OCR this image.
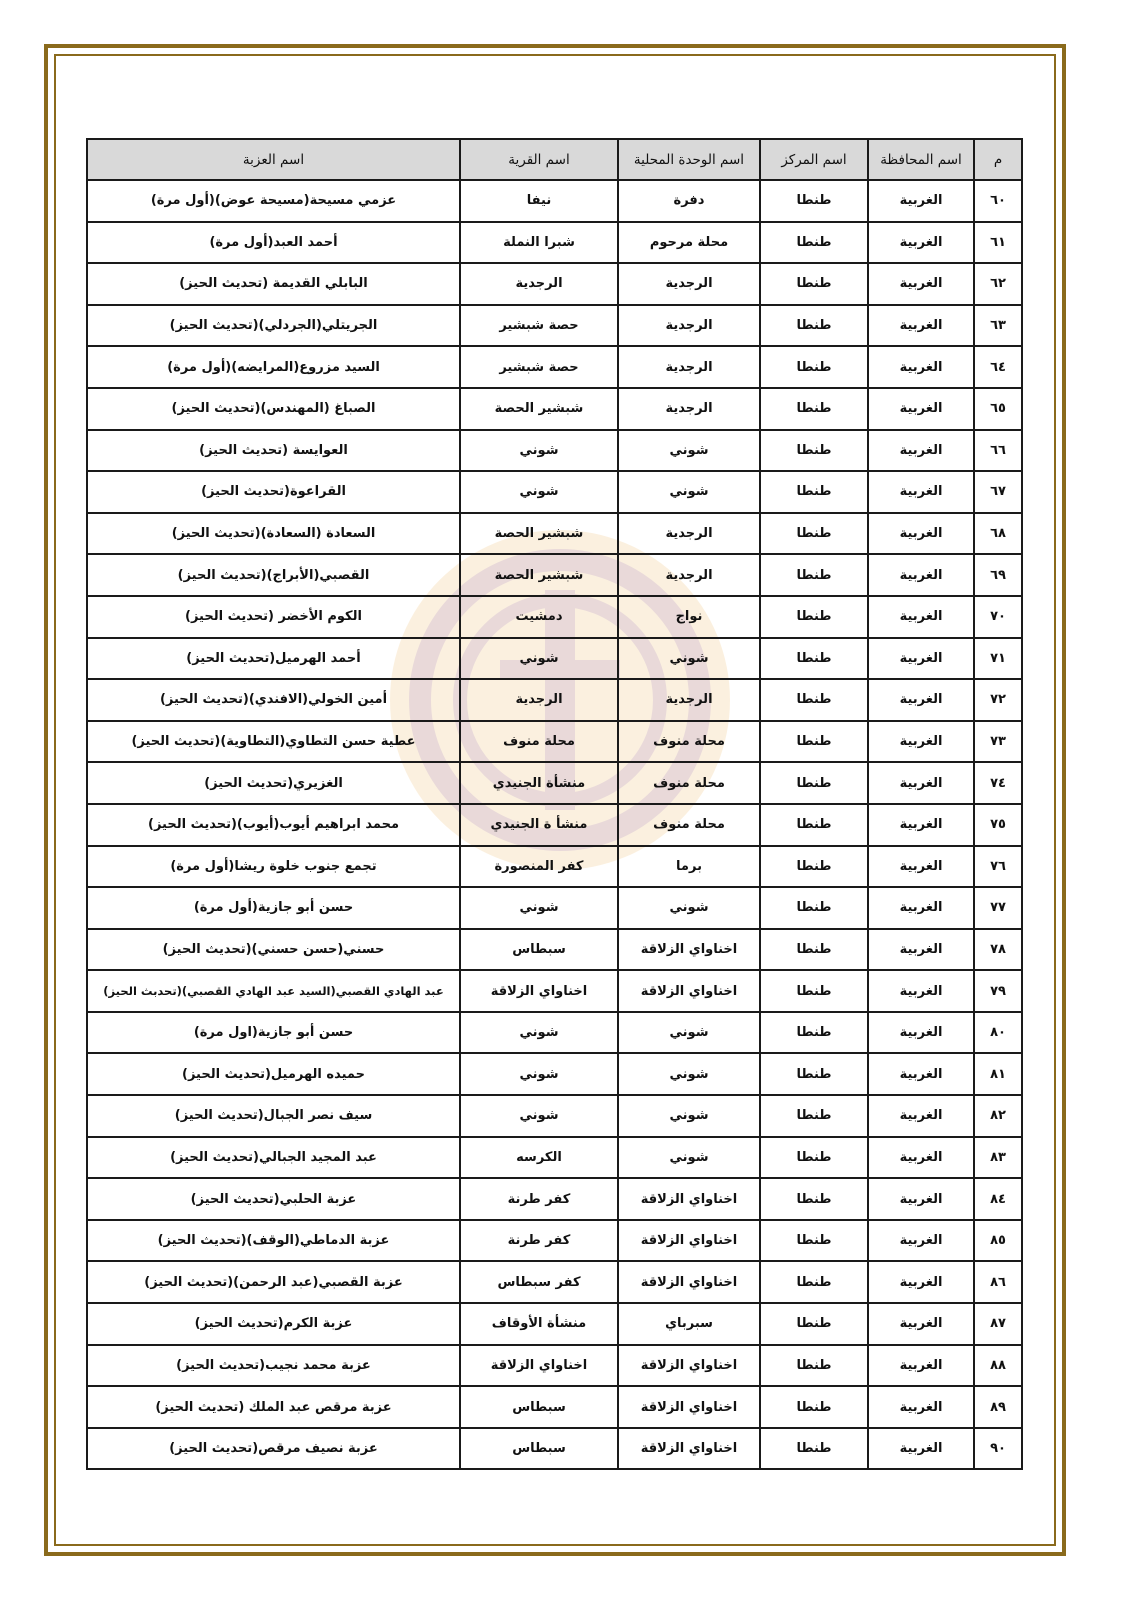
م	اسم المحافظة	اسم المركز	اسم الوحدة المحلية	اسم القرية	اسم العزبة
٦٠	الغربية	طنطا	دفرة	نيفا	عزمي مسيحة(مسيحة عوض)(أول مرة)
٦١	الغربية	طنطا	محلة مرحوم	شبرا النملة	أحمد العبد(أول مرة)
٦٢	الغربية	طنطا	الرجدية	الرجدية	البابلي القديمة (تحديث الحيز)
٦٣	الغربية	طنطا	الرجدية	حصة شبشير	الجريتلي(الجردلي)(تحديث الحيز)
٦٤	الغربية	طنطا	الرجدية	حصة شبشير	السيد مزروع(المرايضه)(أول مرة)
٦٥	الغربية	طنطا	الرجدية	شبشير الحصة	الصباغ (المهندس)(تحديث الحيز)
٦٦	الغربية	طنطا	شوني	شوني	العوايسة (تحديث الحيز)
٦٧	الغربية	طنطا	شوني	شوني	القراعوة(تحديث الحيز)
٦٨	الغربية	طنطا	الرجدية	شبشير الحصة	السعادة (السعادة)(تحديث الحيز)
٦٩	الغربية	طنطا	الرجدية	شبشير الحصة	القصبي(الأبراج)(تحديث الحيز)
٧٠	الغربية	طنطا	نواج	دمشيت	الكوم الأخضر (تحديث الحيز)
٧١	الغربية	طنطا	شوني	شوني	أحمد الهرميل(تحديث الحيز)
٧٢	الغربية	طنطا	الرجدية	الرجدية	أمين الخولي(الافندي)(تحديث الحيز)
٧٣	الغربية	طنطا	محلة منوف	محلة منوف	عطية حسن التطاوي(التطاوية)(تحديث الحيز)
٧٤	الغربية	طنطا	محلة منوف	منشأة الجنيدي	الغزيري(تحديث الحيز)
٧٥	الغربية	طنطا	محلة منوف	منشأ ة الجنيدي	محمد ابراهيم أيوب(أيوب)(تحديث الحيز)
٧٦	الغربية	طنطا	برما	كفر المنصورة	تجمع جنوب خلوة ريشا(أول مرة)
٧٧	الغربية	طنطا	شوني	شوني	حسن أبو جازية(أول مرة)
٧٨	الغربية	طنطا	اخناواي الزلاقة	سبطاس	حسني(حسن حسني)(تحديث الحيز)
٧٩	الغربية	طنطا	اخناواي الزلاقة	اخناواي الزلاقة	عبد الهادي القصبي(السيد عبد الهادي القصبي)(تحدبث الحيز)
٨٠	الغربية	طنطا	شوني	شوني	حسن أبو جازية(اول مرة)
٨١	الغربية	طنطا	شوني	شوني	حميده الهرميل(تحديث الحيز)
٨٢	الغربية	طنطا	شوني	شوني	سيف نصر الجبال(تحديث الحيز)
٨٣	الغربية	طنطا	شوني	الكرسه	عبد المجيد الجبالي(تحديث الحيز)
٨٤	الغربية	طنطا	اخناواي الزلاقة	كفر طرنة	عزبة الحلبي(تحديث الحيز)
٨٥	الغربية	طنطا	اخناواي الزلاقة	كفر طرنة	عزبة الدماطي(الوقف)(تحديث الحيز)
٨٦	الغربية	طنطا	اخناواي الزلاقة	كفر سبطاس	عزبة القصبي(عبد الرحمن)(تحديث الحيز)
٨٧	الغربية	طنطا	سبرباي	منشأة الأوقاف	عزبة الكرم(تحديث الحيز)
٨٨	الغربية	طنطا	اخناواي الزلاقة	اخناواي الزلاقة	عزبة محمد نجيب(تحديث الحيز)
٨٩	الغربية	طنطا	اخناواي الزلاقة	سبطاس	عزبة مرقص عبد الملك (تحديث الحيز)
٩٠	الغربية	طنطا	اخناواي الزلاقة	سبطاس	عزبة نصيف مرقص(تحديث الحيز)
